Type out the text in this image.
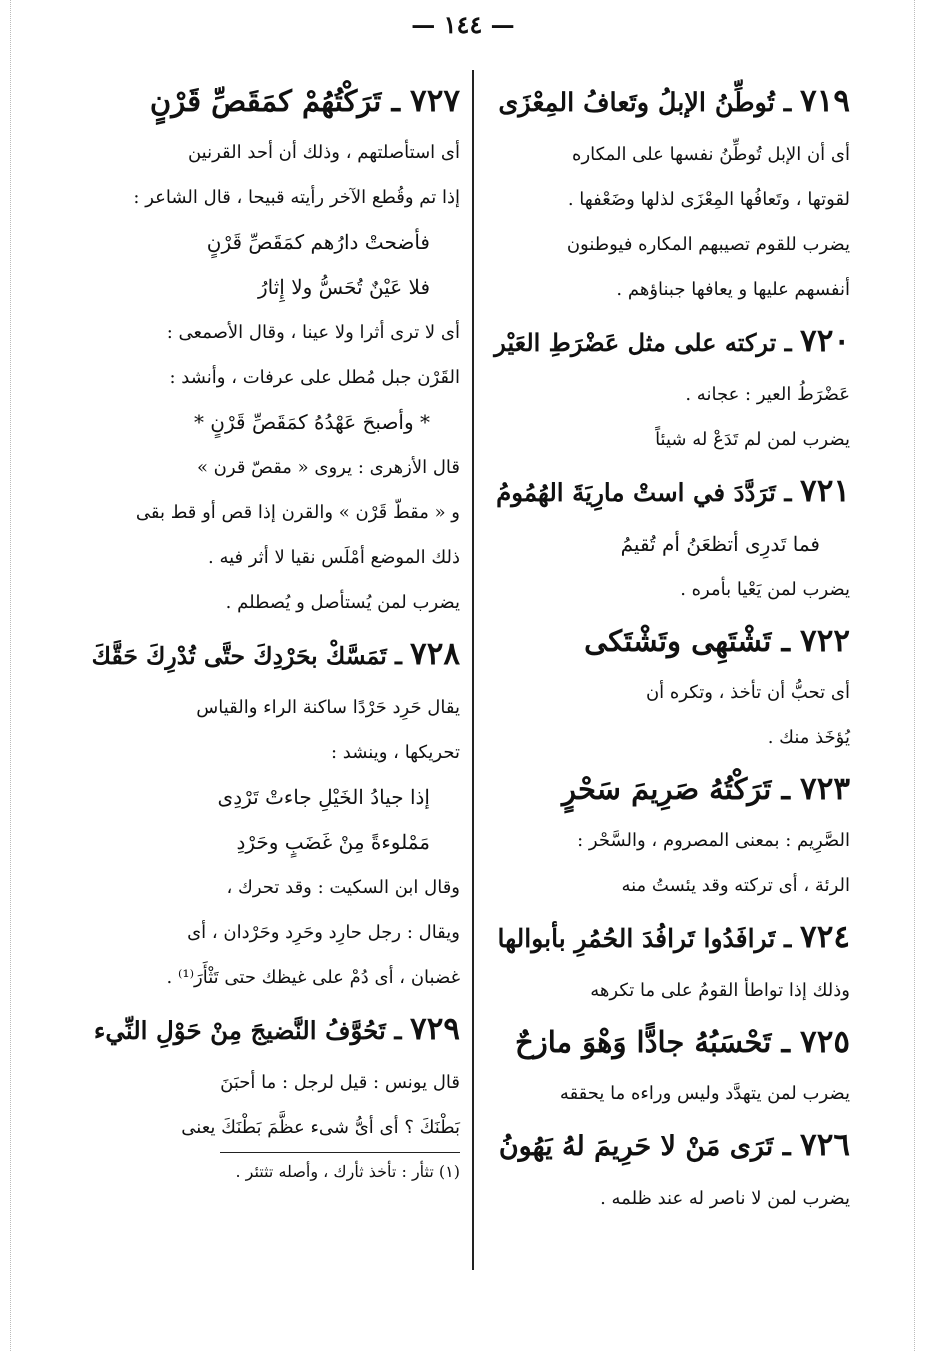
— ١٤٤ —
٧١٩ ـ تُوطِّنُ الإبلُ وتَعافُ المِعْزَى
أى أن الإبل تُوطِّنُ نفسها على المكاره
لقوتها ، وتَعافُها المِعْزَى لذلها وضَعْفها .
يضرب للقوم تصيبهم المكاره فيوطنون
أنفسهم عليها و يعافها جبناؤهم .
٧٢٠ ـ تركته على مثل عَضْرَطِ العَيْر
عَضْرَطُ العير : عجانه .
يضرب لمن لم تَدَعْ له شيئاً
٧٢١ ـ تَرَدَّدَ في استْ مارِيَةَ الهُمُومُ
فما تَدرِى أتظعَنُ أم تُقيمُ
يضرب لمن يَعْيا بأمره .
٧٢٢ ـ تَشْتَهِى وتَشْتَكى
أى تحبُّ أن تأخذ ، وتكره أن
يُؤخَذ منك .
٧٢٣ ـ تَرَكْتُهُ صَرِيمَ سَحْرٍ
الصَّرِيم : بمعنى المصروم ، والسَّحْر :
الرئة ، أى تركته وقد يئستُ منه
٧٢٤ ـ تَرافَدُوا تَرافُدَ الحُمُرِ بأبوالها
وذلك إذا تواطأ القومُ على ما تكرهه
٧٢٥ ـ تَحْسَبُهُ جادًّا وَهْوَ مازحٌ
يضرب لمن يتهدَّد وليس وراءه ما يحققه
٧٢٦ ـ تَرَى مَنْ لا حَرِيمَ لهُ يَهُونُ
يضرب لمن لا ناصر له عند ظلمه .
٧٢٧ ـ تَرَكْتُهُمْ كمَقَصِّ قَرْنٍ
أى استأصلتهم ، وذلك أن أحد القرنين
إذا تم وقُطع الآخر رأيته قبيحا ، قال الشاعر :
فأضحتْ دارُهم كمَقَصِّ قَرْنٍ
فلا عَيْنٌ تُحَسُّ ولا إِثارُ
أى لا ترى أثرا ولا عينا ، وقال الأصمعى :
القَرْن جبل مُطل على عرفات ، وأنشد :
* وأصبحَ عَهْدُهُ كمَقَصِّ قَرْنٍ *
قال الأزهرى : يروى « مقصّ قرن »
و « مقطّ قَرْن » والقرن إذا قص أو قط بقى
ذلك الموضع أمْلَس نقيا لا أثر فيه .
يضرب لمن يُستأصل و يُصطلم .
٧٢٨ ـ تَمَسَّكْ بحَرْدِكَ حتَّى تُدْرِكَ حَقَّكَ
يقال حَرِد حَرْدًا ساكنة الراء والقياس
تحريكها ، وينشد :
إذا جيادُ الخَيْلِ جاءتْ تَرْدِى
مَمْلوءةً مِنْ غَضَبٍ وحَرْدِ
وقال ابن السكيت : وقد تحرك ،
ويقال : رجل حارِد وحَرِد وحَرْدان ، أى
غضبان ، أى دُمْ على غيظك حتى تَثْأَرَ⁽¹⁾ .
٧٢٩ ـ تَحُوَّفُ النَّضيجَ مِنْ حَوْلِ النِّيء
قال يونس : قيل لرجل : ما أحبَنَ
بَطْنَكَ ؟ أى أىُّ شىء عظَّمَ بَطْنَكَ يعنى
(١) تثأر : تأخذ ثأرك ، وأصله تثتئر .
